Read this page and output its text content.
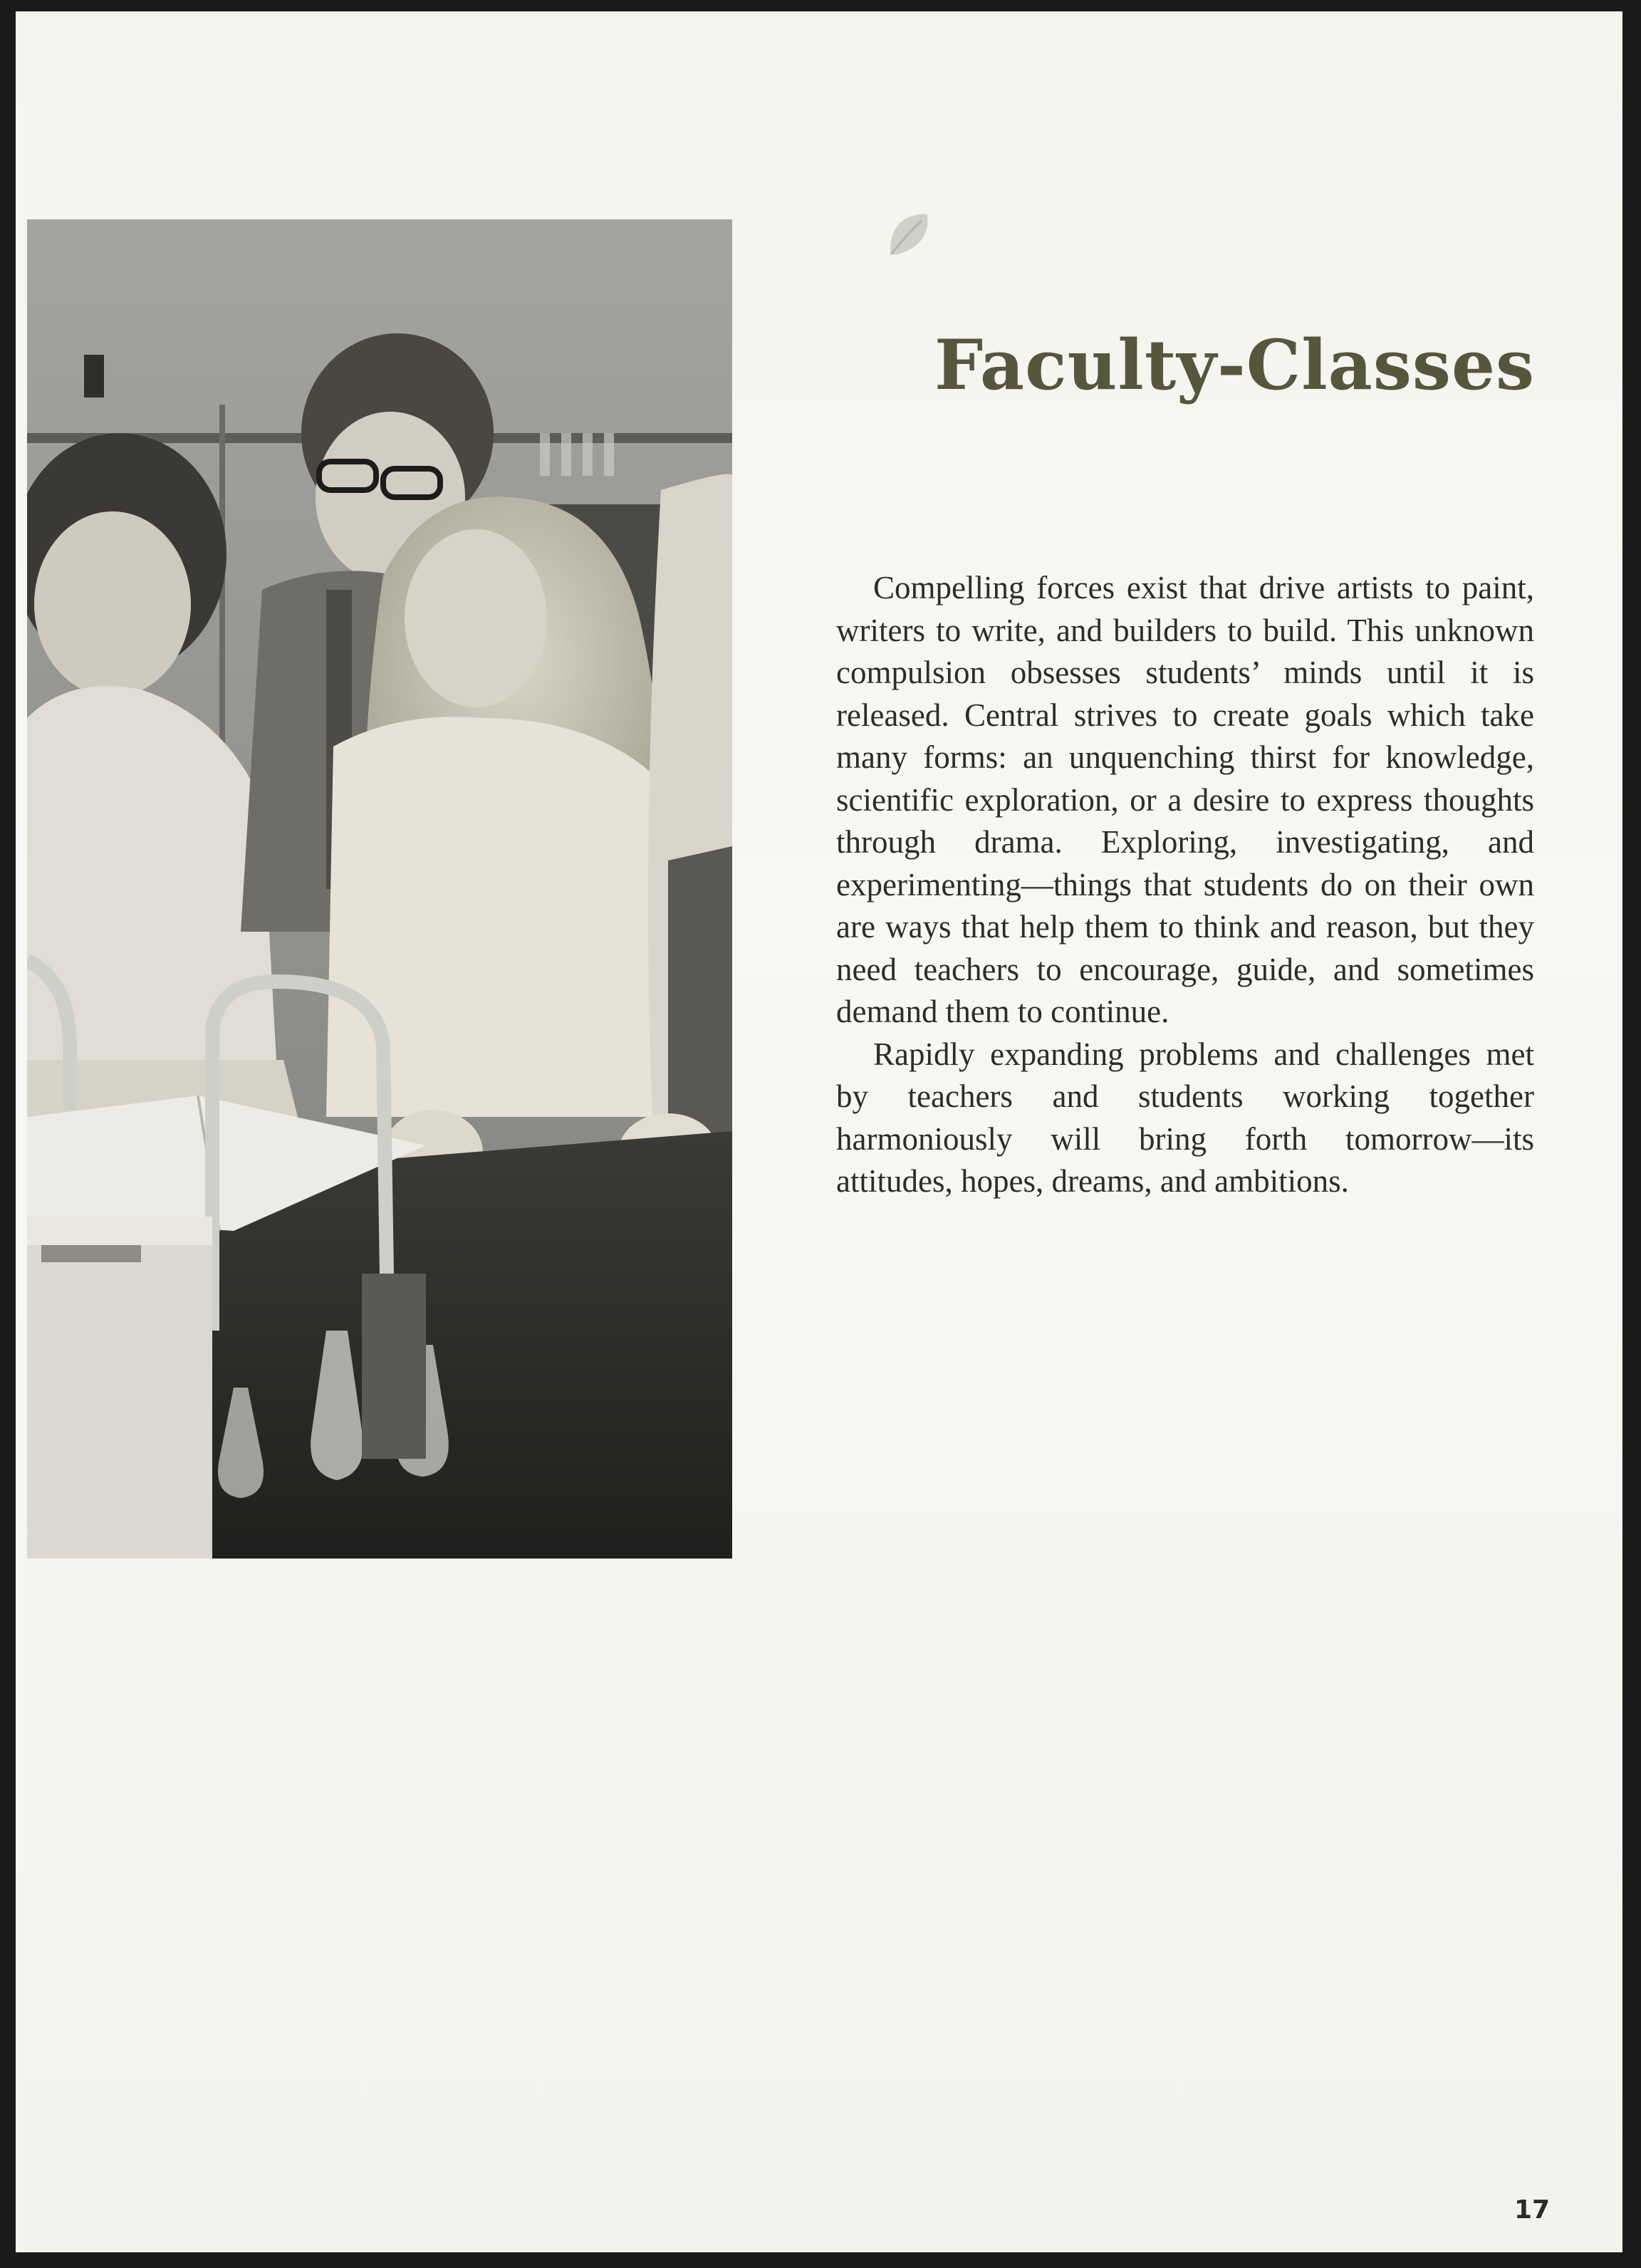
Faculty-Classes

Compelling forces exist that drive artists to paint, writers to write, and builders to build. This unknown compulsion obsesses students’ minds until it is released. Central strives to create goals which take many forms: an unquenching thirst for knowledge, scientific exploration, or a desire to express thoughts through drama. Exploring, investigating, and experimenting—things that students do on their own are ways that help them to think and reason, but they need teachers to encourage, guide, and sometimes demand them to continue.

Rapidly expanding problems and challenges met by teachers and students working together harmoniously will bring forth tomorrow—its attitudes, hopes, dreams, and ambitions.

17
